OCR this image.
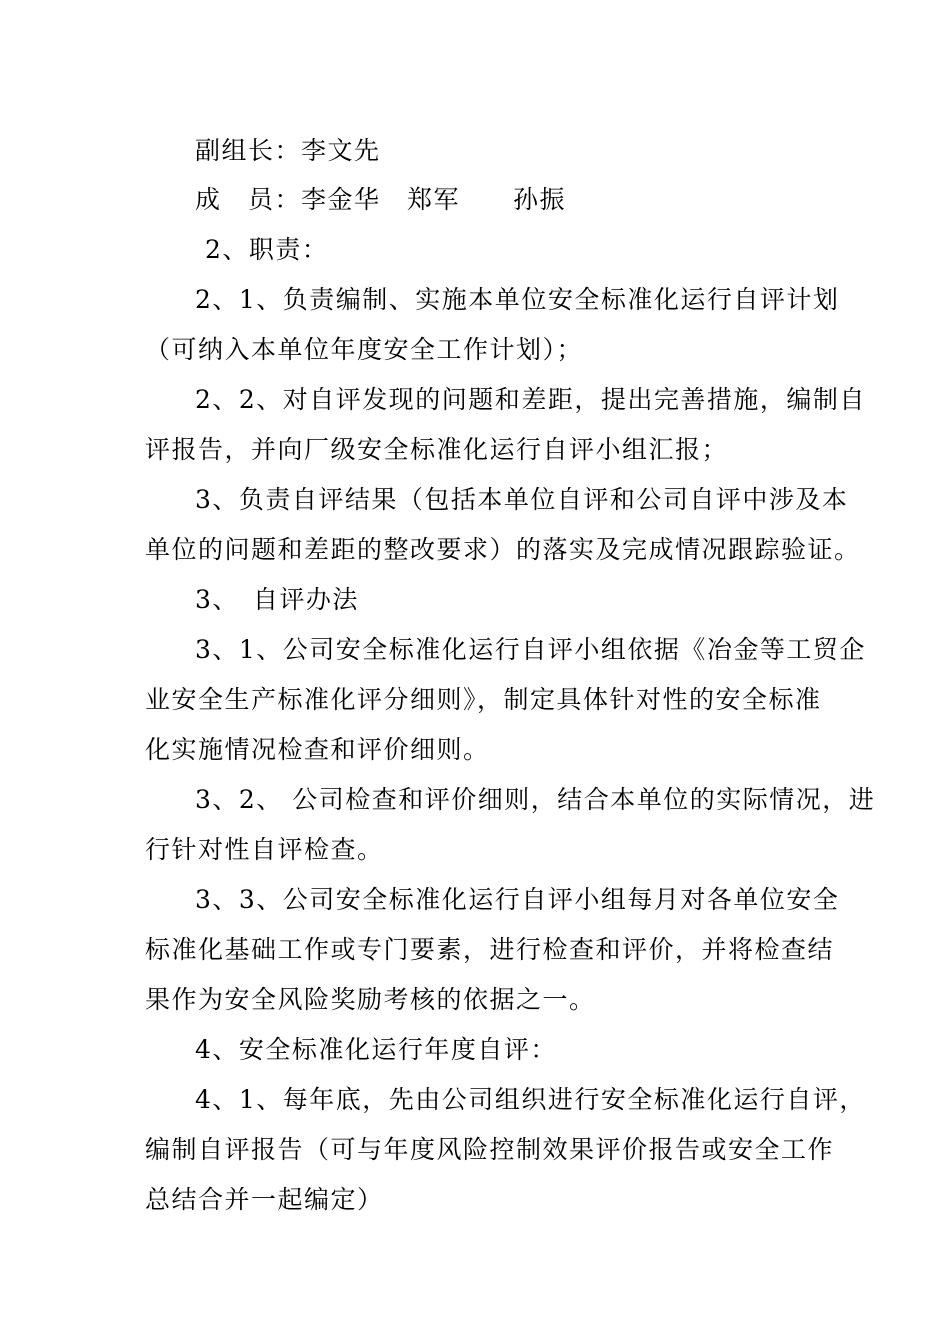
副组长：李文先
成　员：李金华　郑军　　孙振
2、职责：
2、1、负责编制、实施本单位安全标准化运行自评计划
（可纳入本单位年度安全工作计划）；
2、2、对自评发现的问题和差距，提出完善措施，编制自
评报告，并向厂级安全标准化运行自评小组汇报；
3、负责自评结果（包括本单位自评和公司自评中涉及本
单位的问题和差距的整改要求）的落实及完成情况跟踪验证。
3、　自评办法
3、1、公司安全标准化运行自评小组依据《冶金等工贸企
业安全生产标准化评分细则》，制定具体针对性的安全标准
化实施情况检查和评价细则。
3、2、 公司检查和评价细则，结合本单位的实际情况，进
行针对性自评检查。
3、3、公司安全标准化运行自评小组每月对各单位安全
标准化基础工作或专门要素，进行检查和评价，并将检查结
果作为安全风险奖励考核的依据之一。
4、安全标准化运行年度自评：
4、1、每年底，先由公司组织进行安全标准化运行自评，
编制自评报告（可与年度风险控制效果评价报告或安全工作
总结合并一起编定）
